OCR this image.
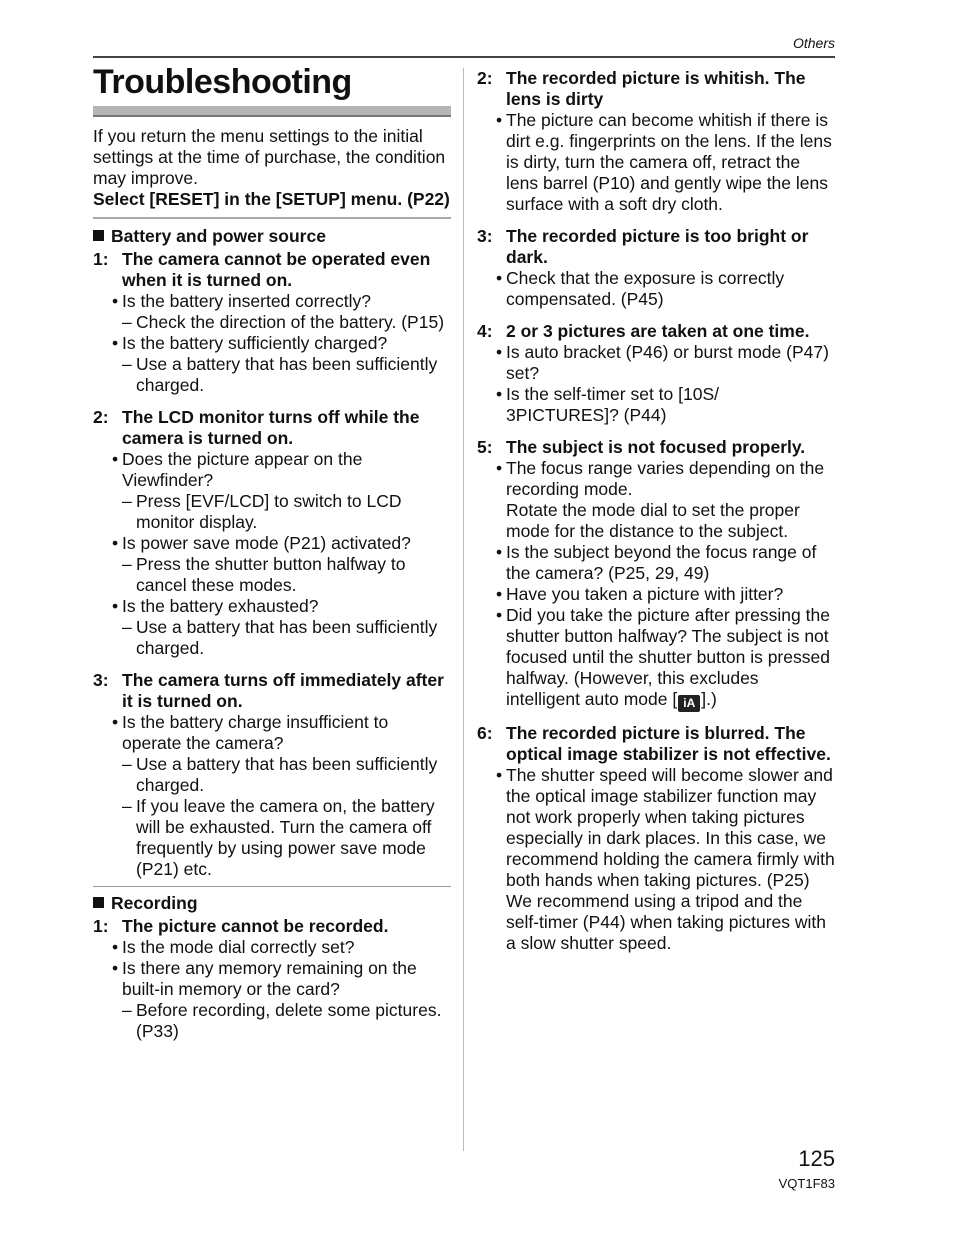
Others
Troubleshooting

If you return the menu settings to the initial settings at the time of purchase, the condition may improve.

Select [RESET] in the [SETUP] menu. (P22)

Battery and power source
1: The camera cannot be operated even when it is turned on.
• Is the battery inserted correctly?
– Check the direction of the battery. (P15)
• Is the battery sufficiently charged?
– Use a battery that has been sufficiently charged.
2: The LCD monitor turns off while the camera is turned on.
• Does the picture appear on the Viewfinder?
– Press [EVF/LCD] to switch to LCD monitor display.
• Is power save mode (P21) activated?
– Press the shutter button halfway to cancel these modes.
• Is the battery exhausted?
– Use a battery that has been sufficiently charged.
3: The camera turns off immediately after it is turned on.
• Is the battery charge insufficient to operate the camera?
– Use a battery that has been sufficiently charged.
– If you leave the camera on, the battery will be exhausted. Turn the camera off frequently by using power save mode (P21) etc.
Recording
1: The picture cannot be recorded.
• Is the mode dial correctly set?
• Is there any memory remaining on the built-in memory or the card?
– Before recording, delete some pictures. (P33)
2: The recorded picture is whitish. The lens is dirty
• The picture can become whitish if there is dirt e.g. fingerprints on the lens. If the lens is dirty, turn the camera off, retract the lens barrel (P10) and gently wipe the lens surface with a soft dry cloth.
3: The recorded picture is too bright or dark.
• Check that the exposure is correctly compensated. (P45)
4: 2 or 3 pictures are taken at one time.
• Is auto bracket (P46) or burst mode (P47) set?
• Is the self-timer set to [10S/ 3PICTURES]? (P44)
5: The subject is not focused properly.
• The focus range varies depending on the recording mode.
Rotate the mode dial to set the proper mode for the distance to the subject.
• Is the subject beyond the focus range of the camera? (P25, 29, 49)
• Have you taken a picture with jitter?
• Did you take the picture after pressing the shutter button halfway? The subject is not focused until the shutter button is pressed halfway. (However, this excludes intelligent auto mode [ iA ].)
6: The recorded picture is blurred. The optical image stabilizer is not effective.
• The shutter speed will become slower and the optical image stabilizer function may not work properly when taking pictures especially in dark places. In this case, we recommend holding the camera firmly with both hands when taking pictures. (P25) We recommend using a tripod and the self-timer (P44) when taking pictures with a slow shutter speed.
125
VQT1F83
